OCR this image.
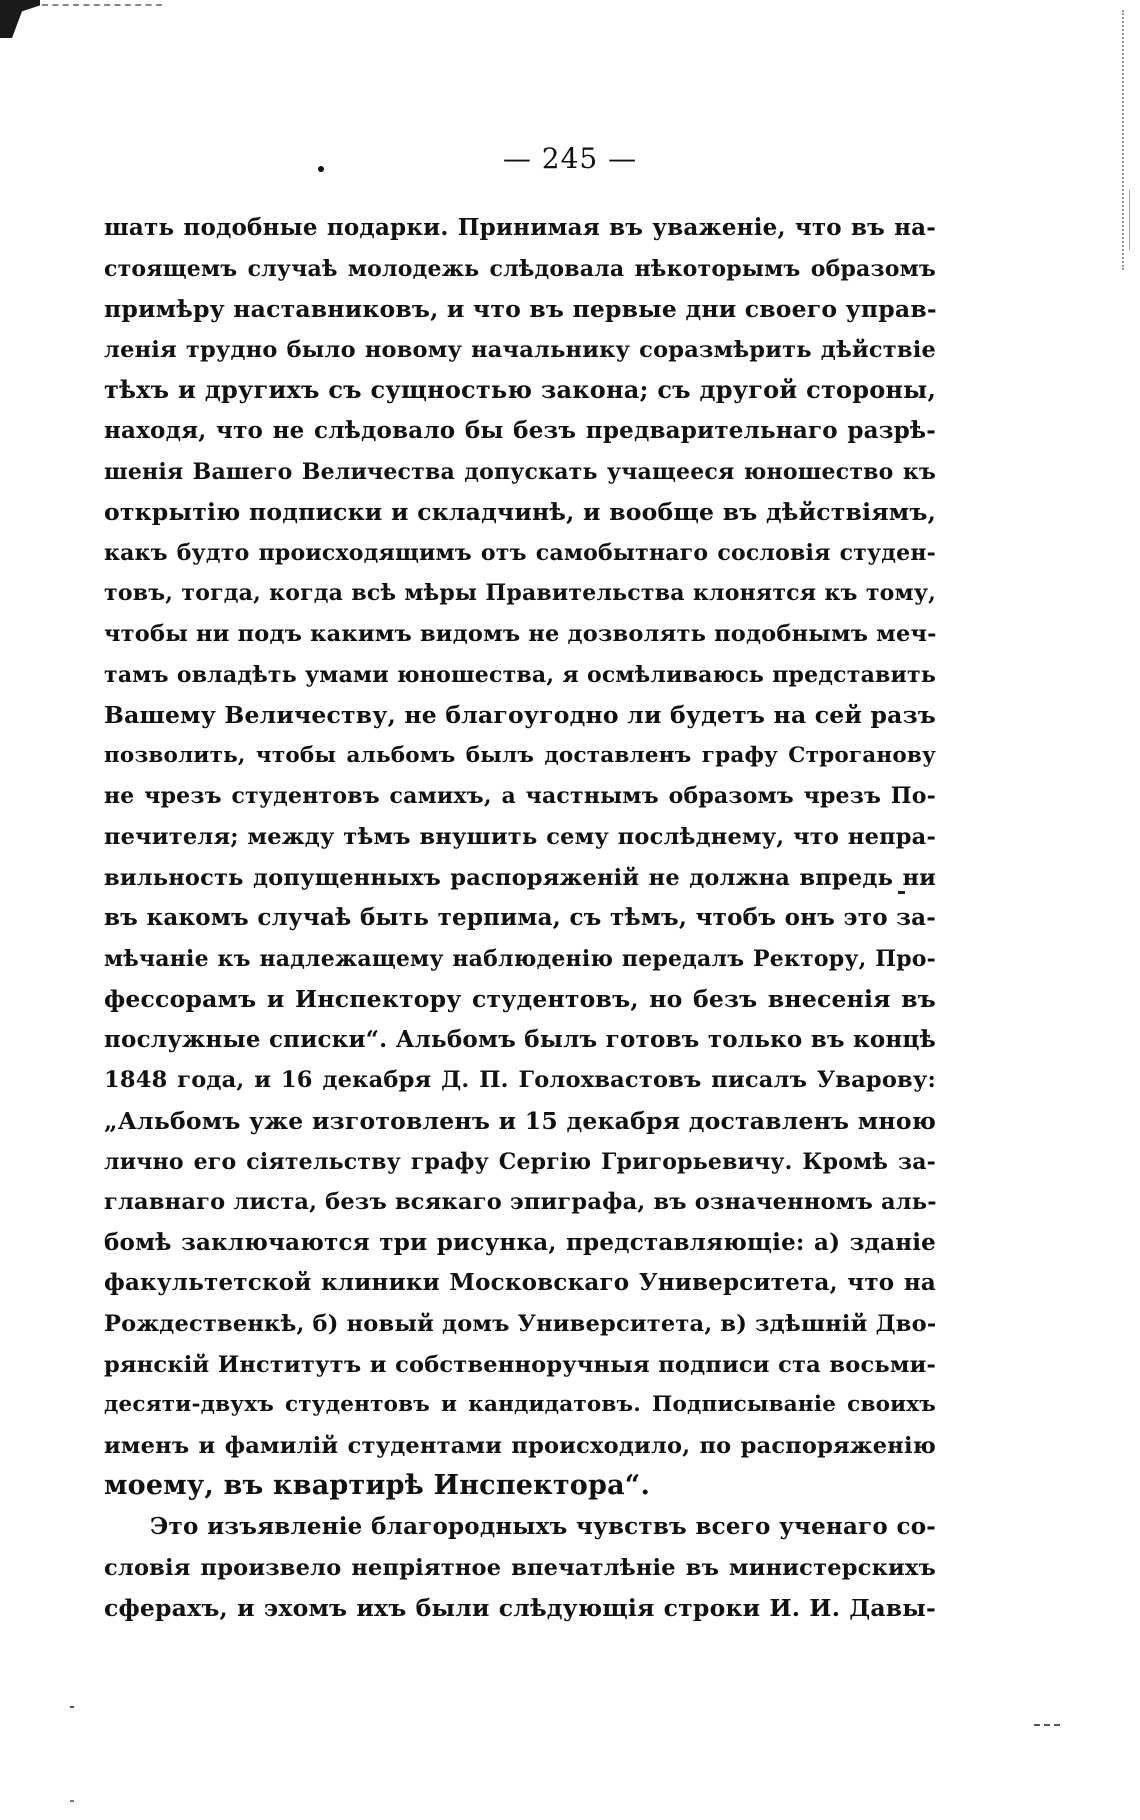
— 245 —
шать подобные подарки. Принимая въ уваженіе, что въ на-
стоящемъ случаѣ молодежь слѣдовала нѣкоторымъ образомъ
примѣру наставниковъ, и что въ первые дни своего управ-
ленія трудно было новому начальнику соразмѣрить дѣйствіе
тѣхъ и другихъ съ сущностью закона; съ другой стороны,
находя, что не слѣдовало бы безъ предварительнаго разрѣ-
шенія Вашего Величества допускать учащееся юношество къ
открытію подписки и складчинѣ, и вообще въ дѣйствіямъ,
какъ будто происходящимъ отъ самобытнаго сословія студен-
товъ, тогда, когда всѣ мѣры Правительства клонятся къ тому,
чтобы ни подъ какимъ видомъ не дозволять подобнымъ меч-
тамъ овладѣть умами юношества, я осмѣливаюсь представить
Вашему Величеству, не благоугодно ли будетъ на сей разъ
позволить, чтобы альбомъ былъ доставленъ графу Строганову
не чрезъ студентовъ самихъ, а частнымъ образомъ чрезъ По-
печителя; между тѣмъ внушить сему послѣднему, что непра-
вильность допущенныхъ распоряженій не должна впредь ни
въ какомъ случаѣ быть терпима, съ тѣмъ, чтобъ онъ это за-
мѣчаніе къ надлежащему наблюденію передалъ Ректору, Про-
фессорамъ и Инспектору студентовъ, но безъ внесенія въ
послужные списки“. Альбомъ былъ готовъ только въ концѣ
1848 года, и 16 декабря Д. П. Голохвастовъ писалъ Уварову:
„Альбомъ уже изготовленъ и 15 декабря доставленъ мною
лично его сіятельству графу Сергію Григорьевичу. Кромѣ за-
главнаго листа, безъ всякаго эпиграфа, въ означенномъ аль-
бомѣ заключаются три рисунка, представляющіе: а) зданіе
факультетской клиники Московскаго Университета, что на
Рождественкѣ, б) новый домъ Университета, в) здѣшній Дво-
рянскій Институтъ и собственноручныя подписи ста восьми-
десяти-двухъ студентовъ и кандидатовъ. Подписываніе своихъ
именъ и фамилій студентами происходило, по распоряженію
моему, въ квартирѣ Инспектора“.
Это изъявленіе благородныхъ чувствъ всего ученаго со-
словія произвело непріятное впечатлѣніе въ министерскихъ
сферахъ, и эхомъ ихъ были слѣдующія строки И. И. Давы-
